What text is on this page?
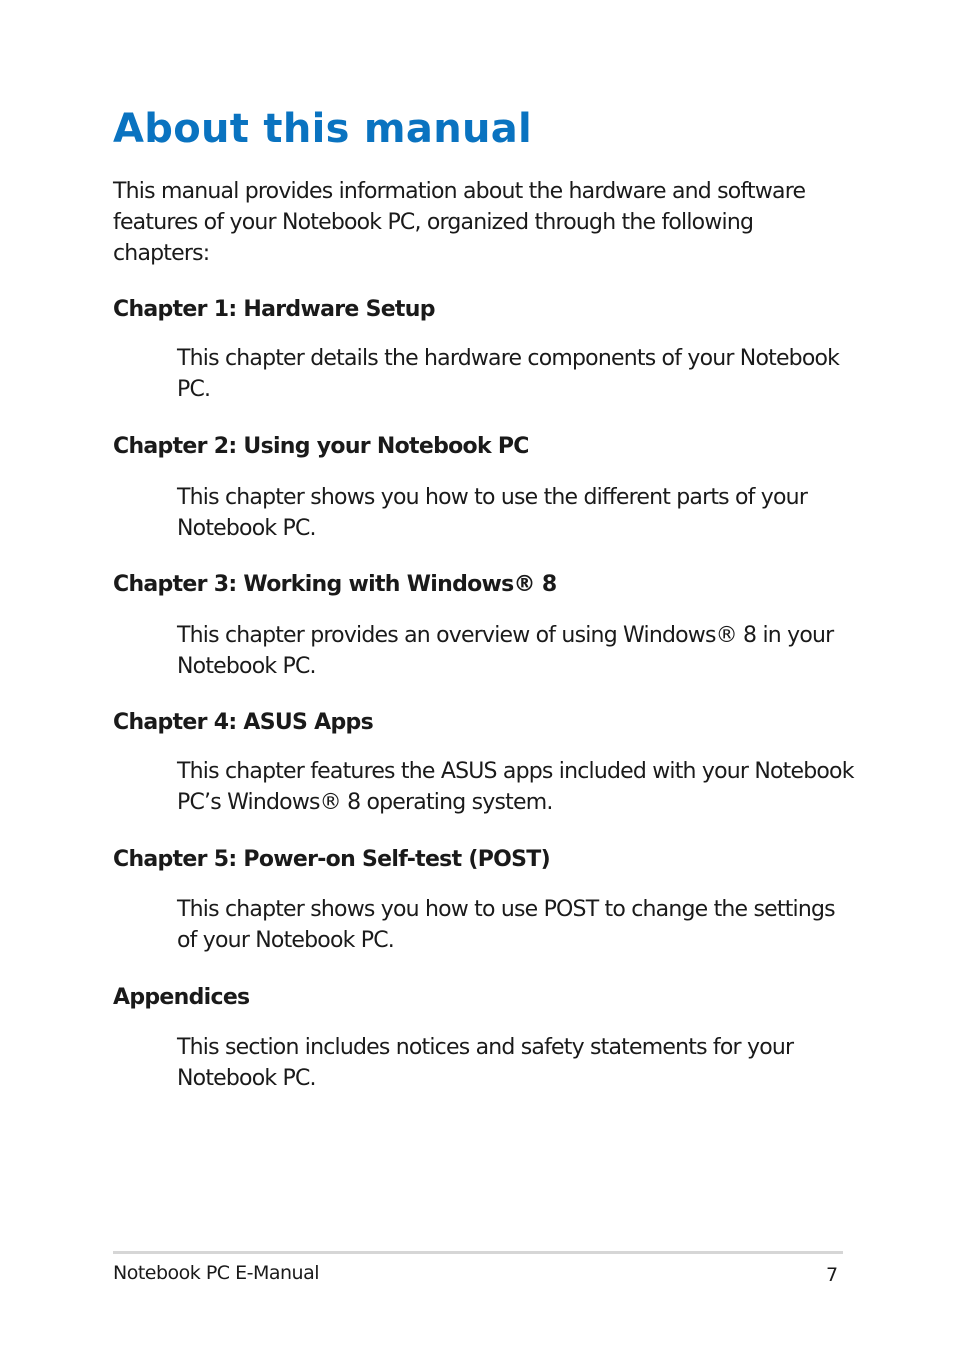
About this manual

This manual provides information about the hardware and software features of your Notebook PC, organized through the following chapters:

Chapter 1: Hardware Setup

This chapter details the hardware components of your Notebook PC.

Chapter 2: Using your Notebook PC

This chapter shows you how to use the different parts of your Notebook PC.

Chapter 3: Working with Windows® 8

This chapter provides an overview of using Windows® 8 in your Notebook PC.

Chapter 4: ASUS Apps

This chapter features the ASUS apps included with your Notebook PC’s Windows® 8 operating system.

Chapter 5: Power-on Self-test (POST)

This chapter shows you how to use POST to change the settings of your Notebook PC.

Appendices

This section includes notices and safety statements for your Notebook PC.

Notebook PC E-Manual	7
